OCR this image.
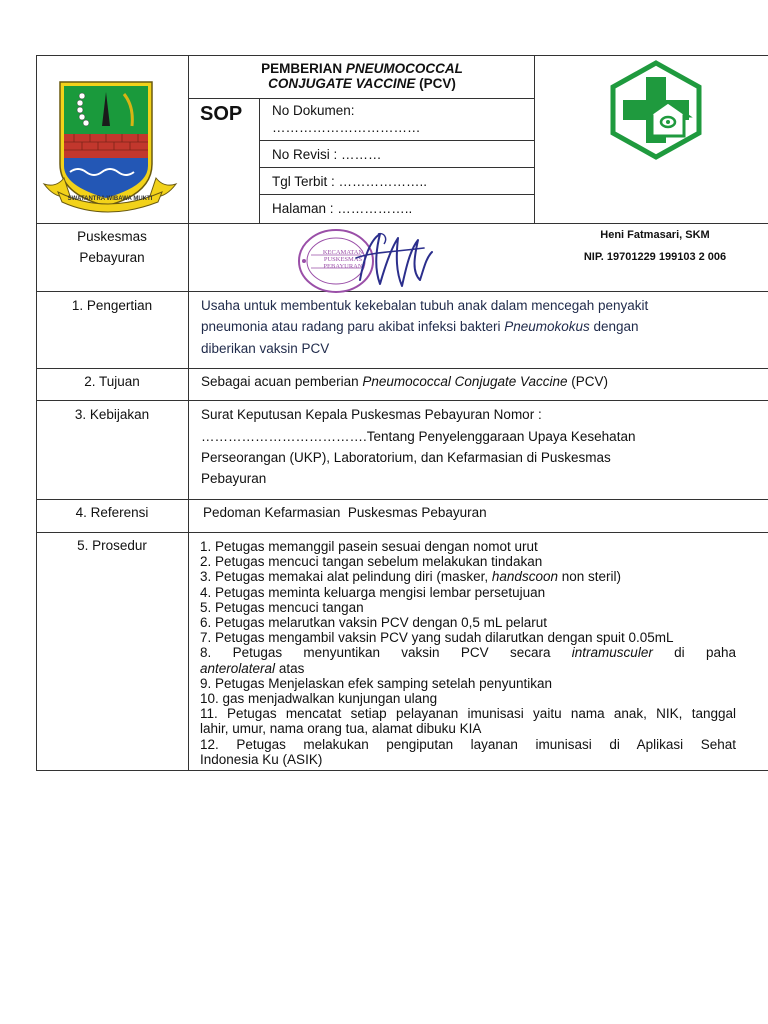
SWATANTRA WIBAWA MUKTI
PEMBERIAN PNEUMOCOCCAL
CONJUGATE VACCINE (PCV)
SOP No Dokumen:
……………………………
No Revisi : ………
Tgl Terbit : ………………..
Halaman : ……………..
Puskesmas
Pebayuran	KECAMATAN PUSKESMAS PEBAYURAN
Heni Fatmasari, SKM
NIP. 19701229 199103 2 006
1. Pengertian	Usaha untuk membentuk kekebalan tubuh anak dalam mencegah penyakit
pneumonia atau radang paru akibat infeksi bakteri Pneumokokus dengan
diberikan vaksin PCV
2. Tujuan	Sebagai acuan pemberian Pneumococcal Conjugate Vaccine (PCV)
3. Kebijakan	Surat Keputusan Kepala Puskesmas Pebayuran Nomor :
……………………………….Tentang Penyelenggaraan Upaya Kesehatan
Perseorangan (UKP), Laboratorium, dan Kefarmasian di Puskesmas
Pebayuran
4. Referensi	Pedoman Kefarmasian  Puskesmas Pebayuran
5. Prosedur	1. Petugas memanggil pasein sesuai dengan nomot urut
2. Petugas mencuci tangan sebelum melakukan tindakan
3. Petugas memakai alat pelindung diri (masker, handscoon non steril)
4. Petugas meminta keluarga mengisi lembar persetujuan
5. Petugas mencuci tangan
6. Petugas melarutkan vaksin PCV dengan 0,5 mL pelarut
7. Petugas mengambil vaksin PCV yang sudah dilarutkan dengan spuit 0.05mL
8. Petugas menyuntikan vaksin PCV secara intramusculer di paha
anterolateral atas
9. Petugas Menjelaskan efek samping setelah penyuntikan
10. gas menjadwalkan kunjungan ulang
11. Petugas mencatat setiap pelayanan imunisasi yaitu nama anak, NIK, tanggal
lahir, umur, nama orang tua, alamat dibuku KIA
12. Petugas melakukan pengiputan layanan imunisasi di Aplikasi Sehat
Indonesia Ku (ASIK)
